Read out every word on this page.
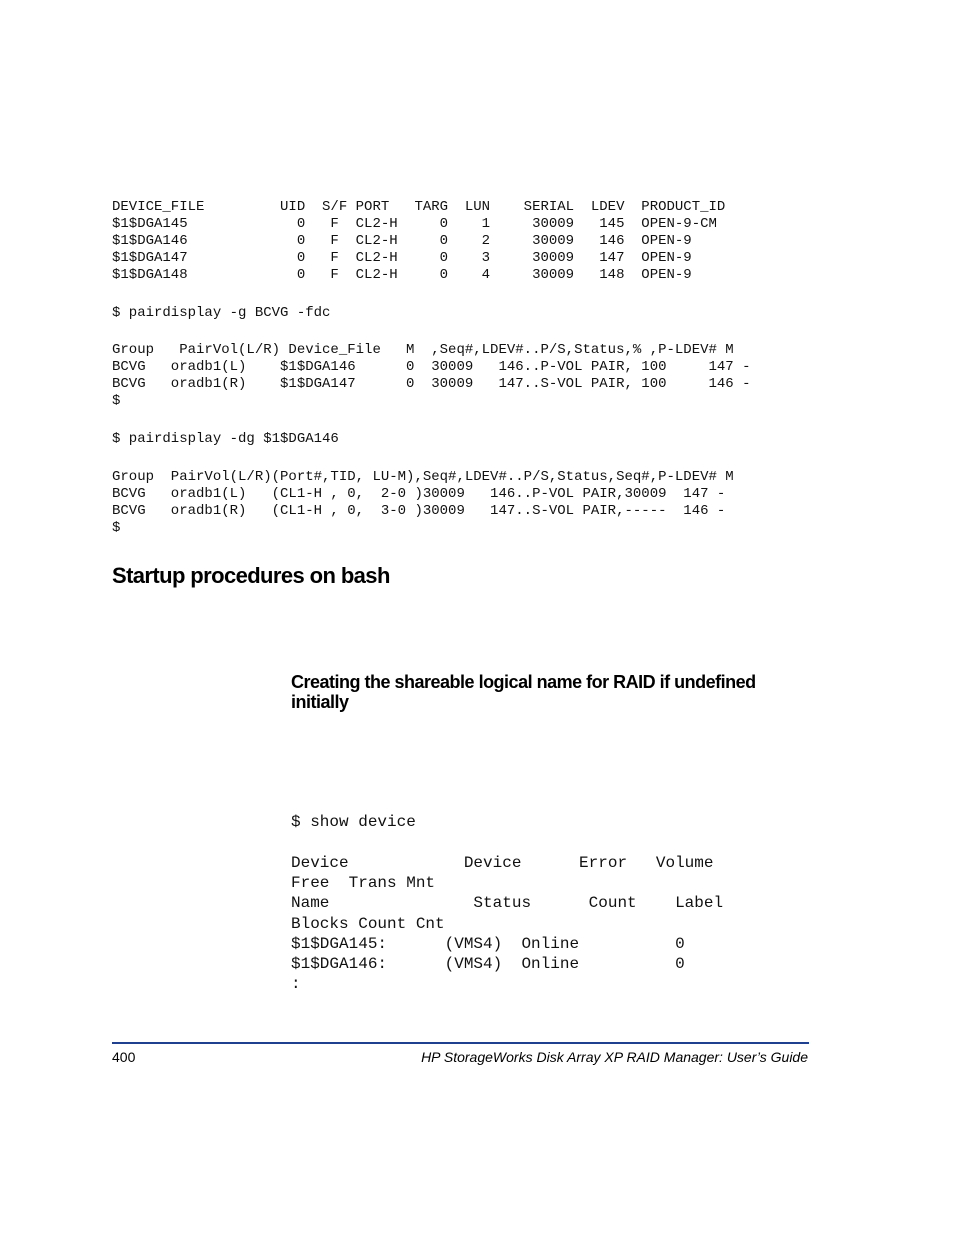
DEVICE_FILE         UID  S/F PORT   TARG  LUN    SERIAL  LDEV  PRODUCT_ID
$1$DGA145             0   F  CL2-H     0    1     30009   145  OPEN-9-CM
$1$DGA146             0   F  CL2-H     0    2     30009   146  OPEN-9
$1$DGA147             0   F  CL2-H     0    3     30009   147  OPEN-9
$1$DGA148             0   F  CL2-H     0    4     30009   148  OPEN-9
$ pairdisplay -g BCVG -fdc
Group   PairVol(L/R) Device_File   M  ,Seq#,LDEV#..P/S,Status,% ,P-LDEV# M
BCVG   oradb1(L)    $1$DGA146      0  30009   146..P-VOL PAIR, 100     147 -
BCVG   oradb1(R)    $1$DGA147      0  30009   147..S-VOL PAIR, 100     146 -
$
$ pairdisplay -dg $1$DGA146
Group  PairVol(L/R)(Port#,TID, LU-M),Seq#,LDEV#..P/S,Status,Seq#,P-LDEV# M
BCVG   oradb1(L)   (CL1-H , 0,  2-0 )30009   146..P-VOL PAIR,30009  147 -
BCVG   oradb1(R)   (CL1-H , 0,  3-0 )30009   147..S-VOL PAIR,-----  146 -
$
Startup procedures on bash
Creating the shareable logical name for RAID if undefined initially
$ show device
Device            Device      Error   Volume
Free  Trans Mnt
Name               Status      Count    Label
Blocks Count Cnt
$1$DGA145:      (VMS4)  Online          0
$1$DGA146:      (VMS4)  Online          0
:
400	HP StorageWorks Disk Array XP RAID Manager: User’s Guide
